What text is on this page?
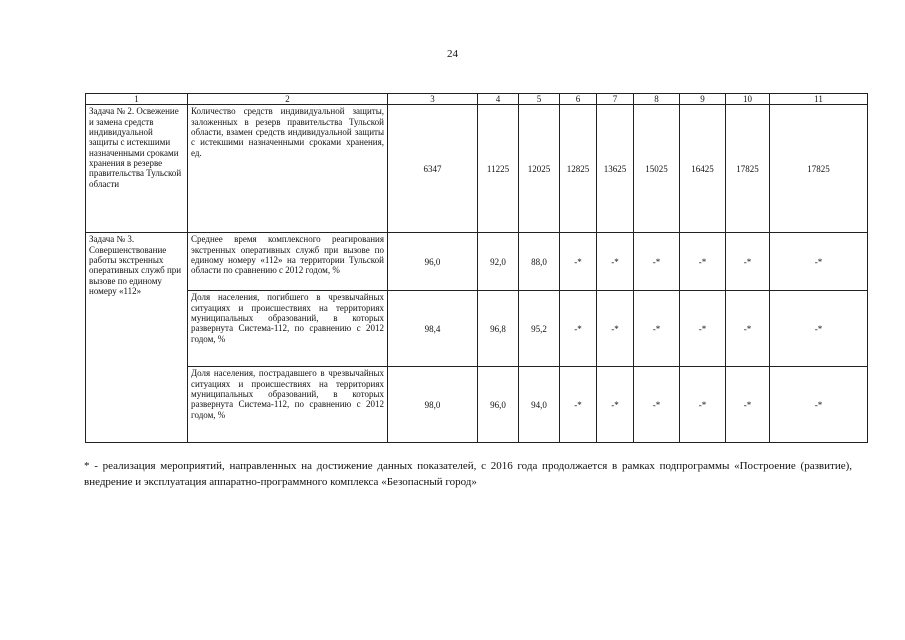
24
1	2	3	4	5	6	7	8	9	10	11
Задача № 2. Освежение и замена средств индивидуальной защиты с истекшими назначенными сроками хранения в резерве правительства Тульской области	Количество средств индивидуальной защиты, заложенных в резерв правительства Тульской области, взамен средств индивидуальной защиты с истекшими назначенными сроками хранения, ед.	6347	11225	12025	12825	13625	15025	16425	17825	17825
Задача № 3. Совершенствование работы экстренных оперативных служб при вызове по единому номеру «112»	Среднее время комплексного реагирования экстренных оперативных служб при вызове по единому номеру «112» на территории Тульской области по сравнению с 2012 годом, %	96,0	92,0	88,0	-*	-*	-*	-*	-*	-*
	Доля населения, погибшего в чрезвычайных ситуациях и происшествиях на территориях муниципальных образований, в которых развернута Система-112, по сравнению с 2012 годом, %	98,4	96,8	95,2	-*	-*	-*	-*	-*	-*
	Доля населения, пострадавшего в чрезвычайных ситуациях и происшествиях на территориях муниципальных образований, в которых развернута Система-112, по сравнению с 2012 годом, %	98,0	96,0	94,0	-*	-*	-*	-*	-*	-*
* - реализация мероприятий, направленных на достижение данных показателей, с 2016 года продолжается в рамках подпрограммы «Построение (развитие), внедрение и эксплуатация аппаратно-программного комплекса «Безопасный город»
